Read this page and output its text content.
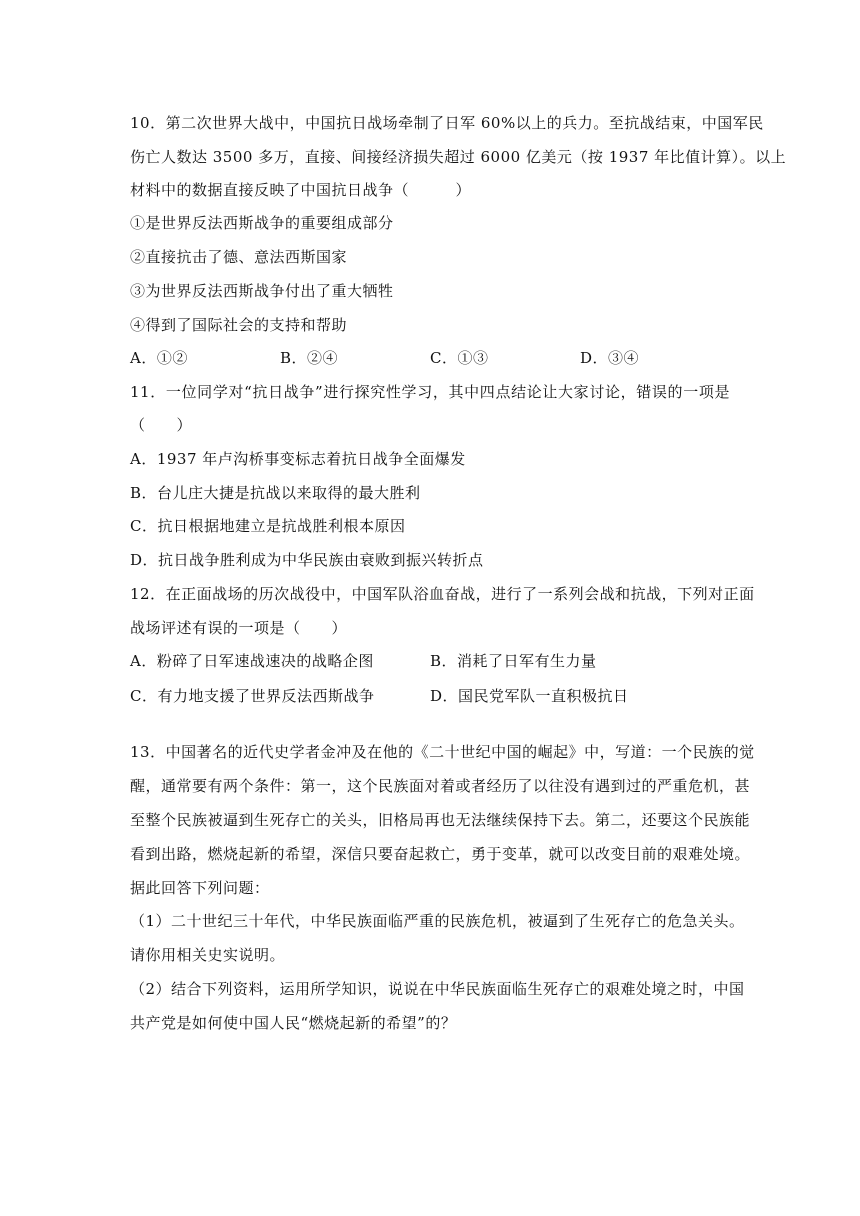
10．第二次世界大战中，中国抗日战场牵制了日军 60%以上的兵力。至抗战结束，中国军民
伤亡人数达 3500 多万，直接、间接经济损失超过 6000 亿美元（按 1937 年比值计算）。以上
材料中的数据直接反映了中国抗日战争（　　　）
①是世界反法西斯战争的重要组成部分
②直接抗击了德、意法西斯国家
③为世界反法西斯战争付出了重大牺牲
④得到了国际社会的支持和帮助
A．①②	B．②④	C．①③	D．③④
11．一位同学对“抗日战争”进行探究性学习，其中四点结论让大家讨论，错误的一项是
（　　）
A．1937 年卢沟桥事变标志着抗日战争全面爆发
B．台儿庄大捷是抗战以来取得的最大胜利
C．抗日根据地建立是抗战胜利根本原因
D．抗日战争胜利成为中华民族由衰败到振兴转折点
12．在正面战场的历次战役中，中国军队浴血奋战，进行了一系列会战和抗战，下列对正面
战场评述有误的一项是（　　）
A．粉碎了日军速战速决的战略企图	B．消耗了日军有生力量
C．有力地支援了世界反法西斯战争	D．国民党军队一直积极抗日
13．中国著名的近代史学者金冲及在他的《二十世纪中国的崛起》中，写道：一个民族的觉
醒，通常要有两个条件：第一，这个民族面对着或者经历了以往没有遇到过的严重危机，甚
至整个民族被逼到生死存亡的关头，旧格局再也无法继续保持下去。第二，还要这个民族能
看到出路，燃烧起新的希望，深信只要奋起救亡，勇于变革，就可以改变目前的艰难处境。
据此回答下列问题：
（1）二十世纪三十年代，中华民族面临严重的民族危机，被逼到了生死存亡的危急关头。
请你用相关史实说明。
（2）结合下列资料，运用所学知识，说说在中华民族面临生死存亡的艰难处境之时，中国
共产党是如何使中国人民“燃烧起新的希望”的？
